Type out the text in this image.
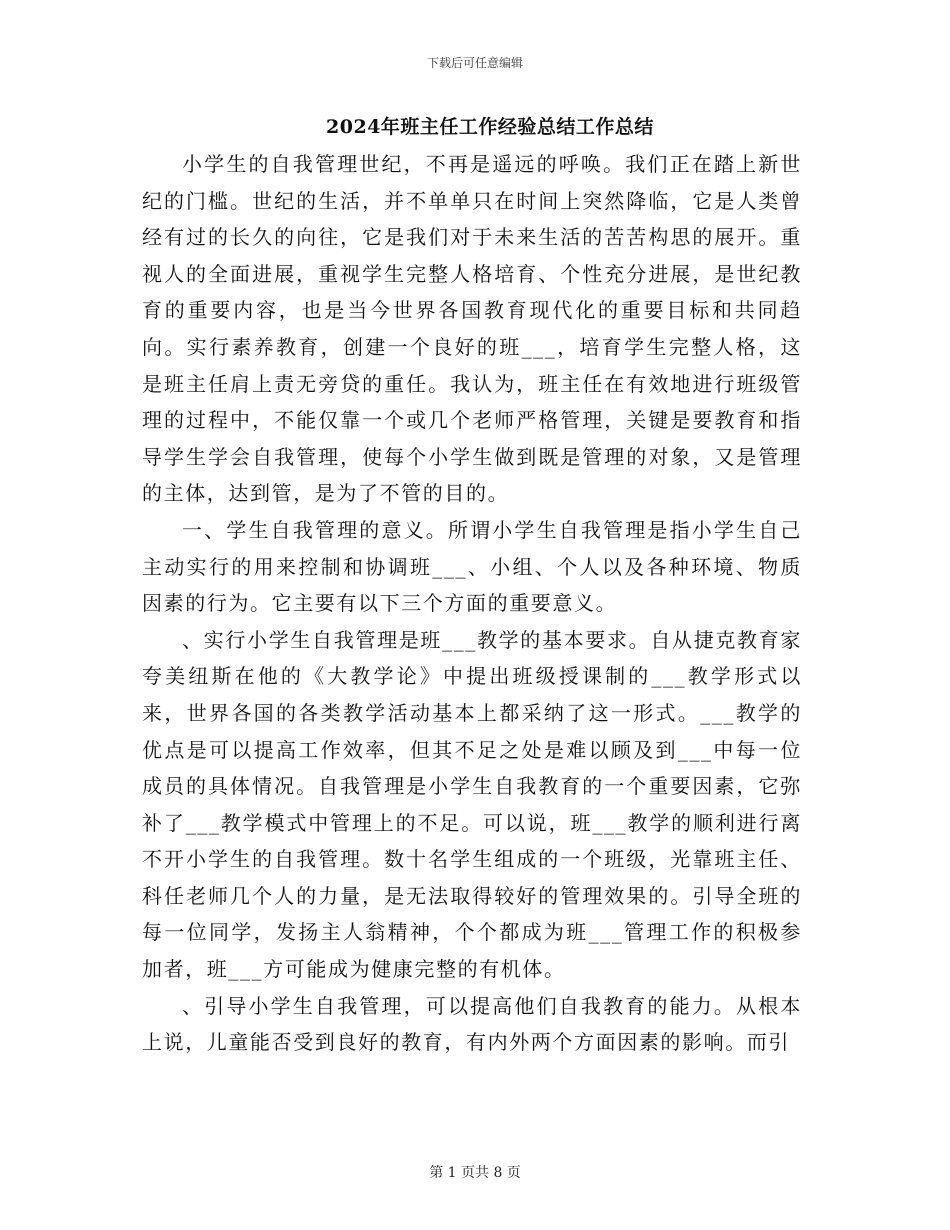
下载后可任意编辑
2024年班主任工作经验总结工作总结

小学生的自我管理世纪，不再是遥远的呼唤。我们正在踏上新世纪的门槛。世纪的生活，并不单单只在时间上突然降临，它是人类曾经有过的长久的向往，它是我们对于未来生活的苦苦构思的展开。重视人的全面进展，重视学生完整人格培育、个性充分进展，是世纪教育的重要内容，也是当今世界各国教育现代化的重要目标和共同趋向。实行素养教育，创建一个良好的班___，培育学生完整人格，这是班主任肩上责无旁贷的重任。我认为，班主任在有效地进行班级管理的过程中，不能仅靠一个或几个老师严格管理，关键是要教育和指导学生学会自我管理，使每个小学生做到既是管理的对象，又是管理的主体，达到管，是为了不管的目的。

一、学生自我管理的意义。所谓小学生自我管理是指小学生自己主动实行的用来控制和协调班___、小组、个人以及各种环境、物质因素的行为。它主要有以下三个方面的重要意义。

、实行小学生自我管理是班___教学的基本要求。自从捷克教育家夸美纽斯在他的《大教学论》中提出班级授课制的___教学形式以来，世界各国的各类教学活动基本上都采纳了这一形式。___教学的优点是可以提高工作效率，但其不足之处是难以顾及到___中每一位成员的具体情况。自我管理是小学生自我教育的一个重要因素，它弥补了___教学模式中管理上的不足。可以说，班___教学的顺利进行离不开小学生的自我管理。数十名学生组成的一个班级，光靠班主任、科任老师几个人的力量，是无法取得较好的管理效果的。引导全班的每一位同学，发扬主人翁精神，个个都成为班___管理工作的积极参加者，班___方可能成为健康完整的有机体。

、引导小学生自我管理，可以提高他们自我教育的能力。从根本上说，儿童能否受到良好的教育，有内外两个方面因素的影响。而引

第 1 页共 8 页
